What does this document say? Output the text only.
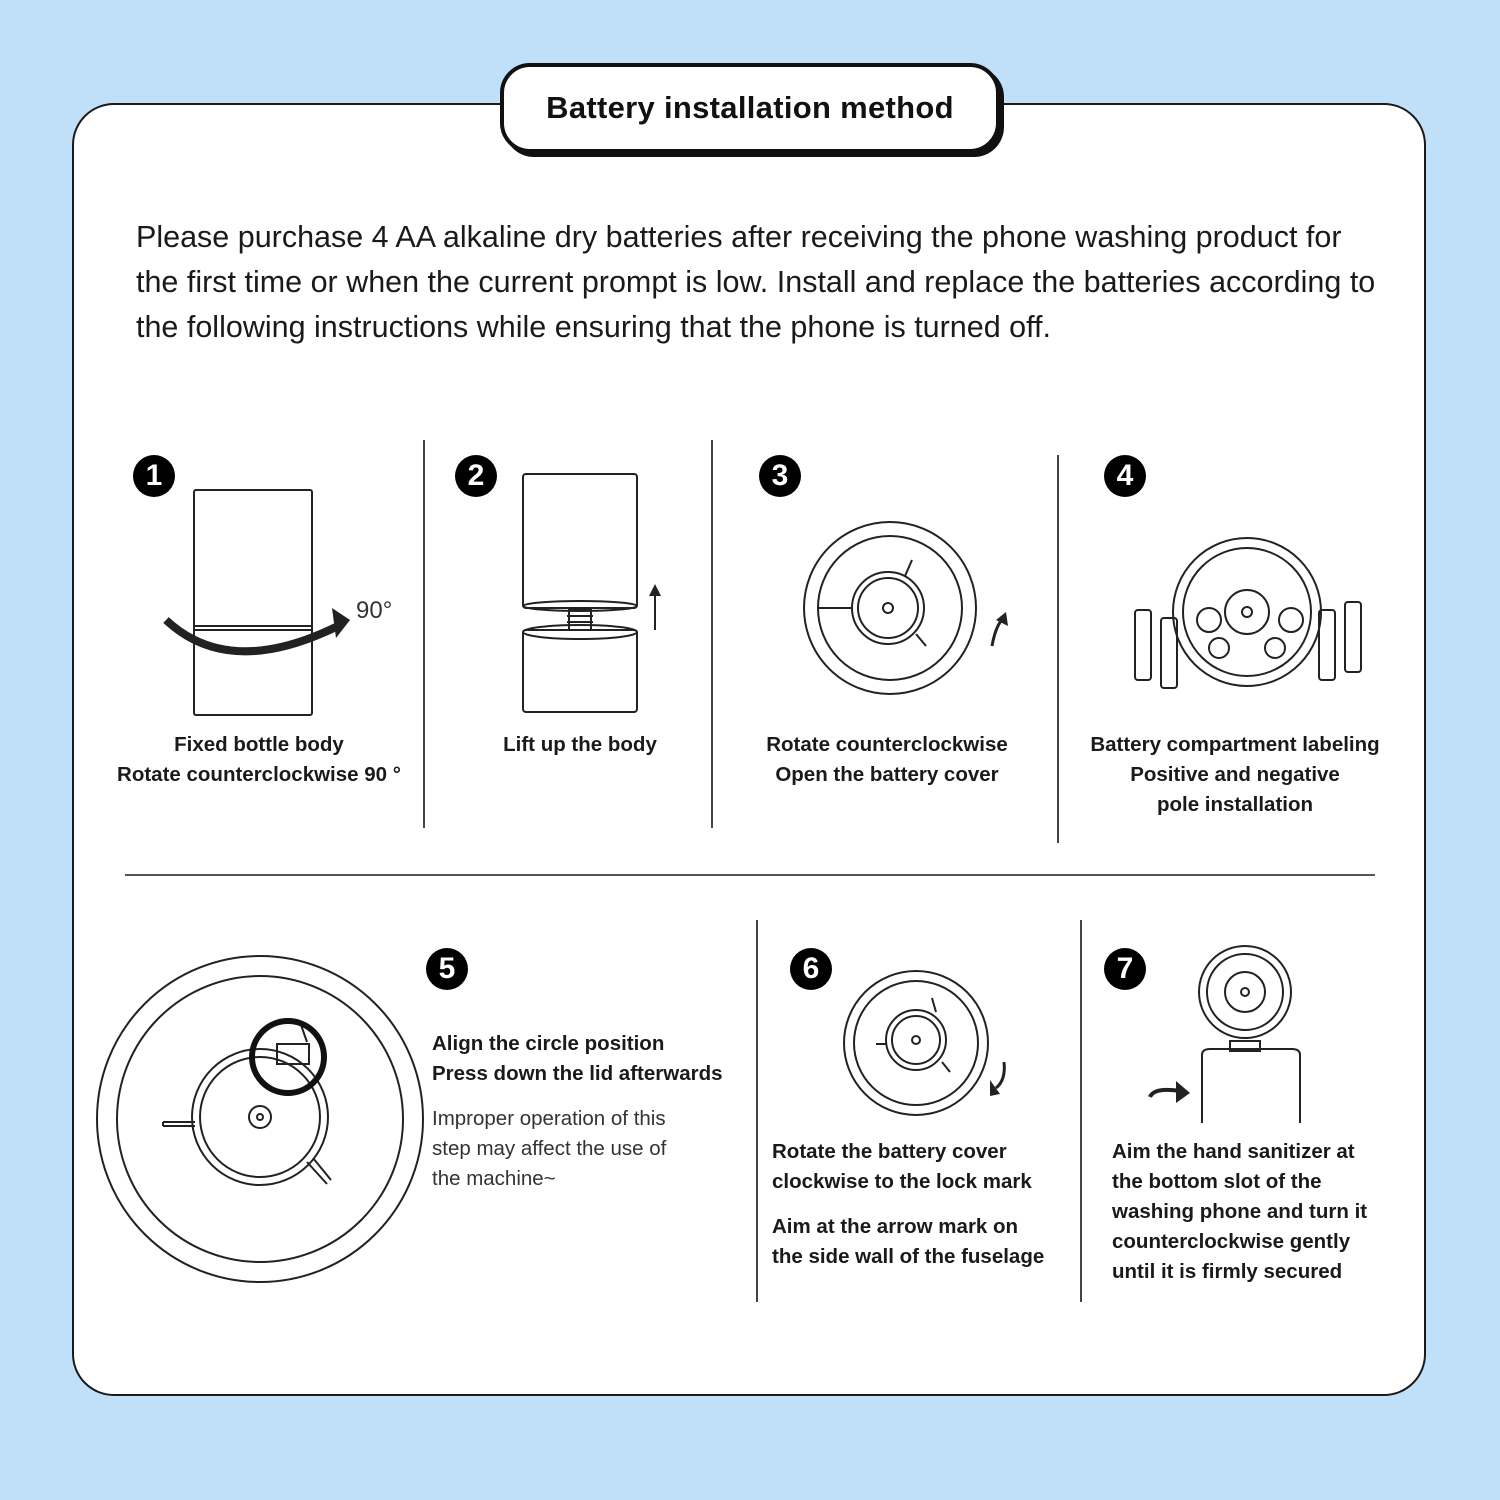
Battery installation method
Please purchase 4 AA alkaline dry batteries after receiving the phone washing product for the first time or when the current prompt is low. Install and replace the batteries according to the following instructions while ensuring that the phone is turned off.
1	2	3	4
5	6	7
90°
Fixed bottle body
Rotate counterclockwise 90 °
Lift up the body	Rotate counterclockwise
Open the battery cover
Battery compartment labeling
Positive and negative
pole installation
Align the circle position
Press down the lid afterwards
Improper operation of this
step may affect the use of
the machine~
Rotate the battery cover
clockwise to the lock mark
Aim at the arrow mark on
the side wall of the fuselage
Aim the hand sanitizer at
the bottom slot of the
washing phone and turn it
counterclockwise gently
until it is firmly secured
